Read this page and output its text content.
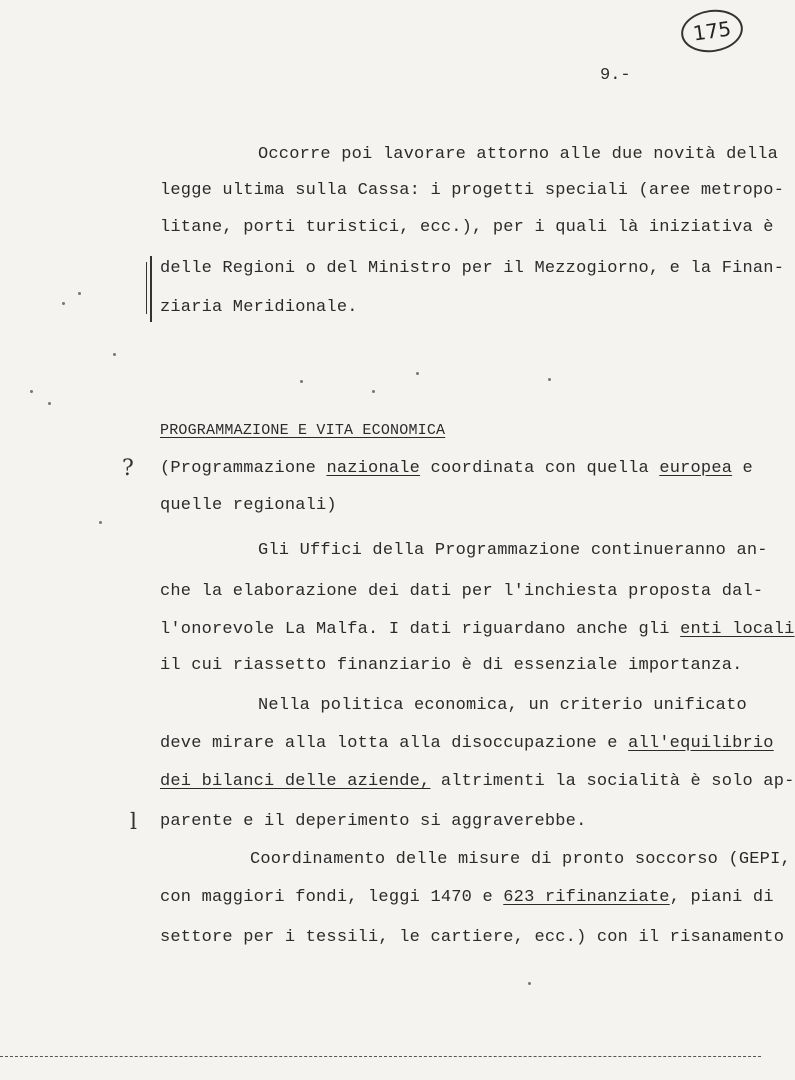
175
9.-
Occorre poi lavorare attorno alle due novità della
legge ultima sulla Cassa: i progetti speciali (aree metropo-
litane, porti turistici, ecc.), per i quali là iniziativa è
delle Regioni o del Ministro per il Mezzogiorno, e la Finan-
ziaria Meridionale.
PROGRAMMAZIONE E VITA ECONOMICA
(Programmazione nazionale coordinata con quella europea e
quelle regionali)
?
Gli Uffici della Programmazione continueranno an-
che la elaborazione dei dati per l'inchiesta proposta dal-
l'onorevole La Malfa. I dati riguardano anche gli enti locali
il cui riassetto finanziario è di essenziale importanza.
Nella politica economica, un criterio unificato
deve mirare alla lotta alla disoccupazione e all'equilibrio
dei bilanci delle aziende, altrimenti la socialità è solo ap-
parente e il deperimento si aggraverebbe.
l
Coordinamento delle misure di pronto soccorso (GEPI,
con maggiori fondi, leggi 1470 e 623 rifinanziate, piani di
settore per i tessili, le cartiere, ecc.) con il risanamento
